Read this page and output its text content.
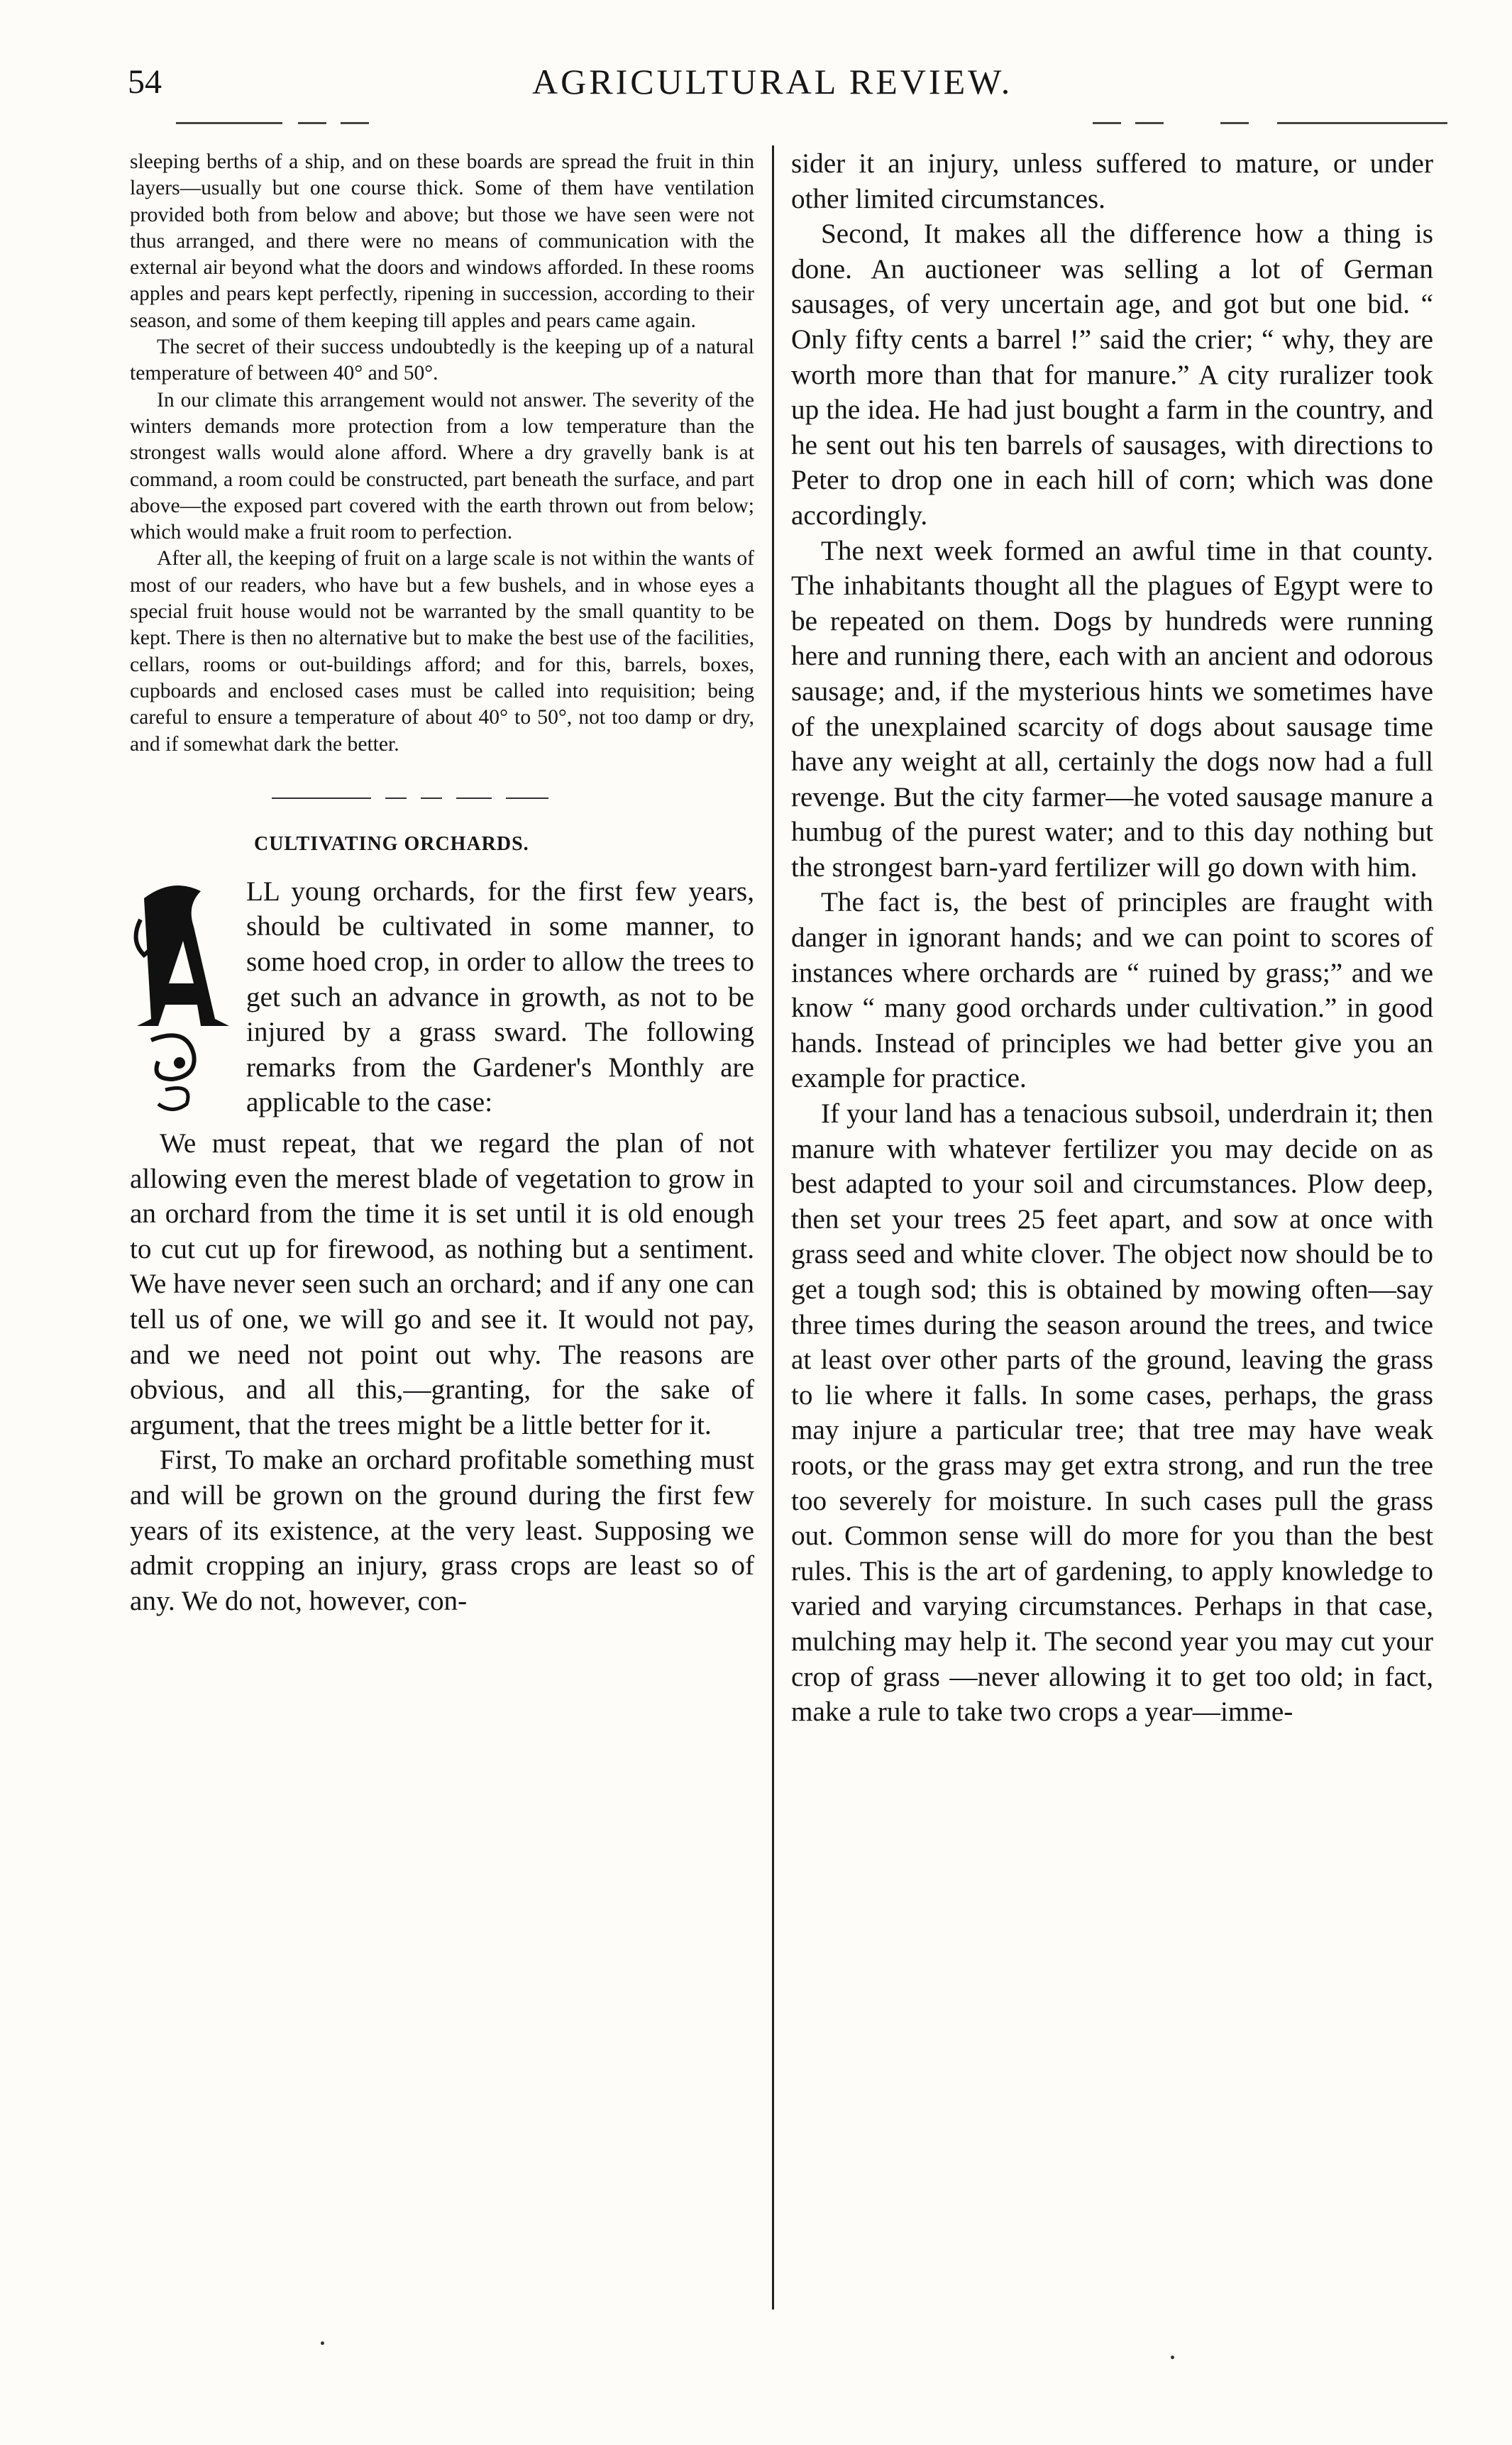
54	AGRICULTURAL REVIEW.

sleeping berths of a ship, and on these boards are spread the fruit in thin layers—usually but one course thick. Some of them have ventilation provided both from below and above; but those we have seen were not thus arranged, and there were no means of communication with the external air beyond what the doors and windows afforded. In these rooms apples and pears kept perfectly, ripening in succession, according to their season, and some of them keeping till apples and pears came again.

The secret of their success undoubtedly is the keeping up of a natural temperature of between 40° and 50°.

In our climate this arrangement would not answer. The severity of the winters demands more protection from a low temperature than the strongest walls would alone afford. Where a dry gravelly bank is at command, a room could be constructed, part beneath the surface, and part above—the exposed part covered with the earth thrown out from below; which would make a fruit room to perfection.

After all, the keeping of fruit on a large scale is not within the wants of most of our readers, who have but a few bushels, and in whose eyes a special fruit house would not be warranted by the small quantity to be kept. There is then no alternative but to make the best use of the facilities, cellars, rooms or out-buildings afford; and for this, barrels, boxes, cupboards and enclosed cases must be called into requisition; being careful to ensure a temperature of about 40° to 50°, not too damp or dry, and if somewhat dark the better.

CULTIVATING ORCHARDS.

LL young orchards, for the first few years, should be cultivated in some manner, to some hoed crop, in order to allow the trees to get such an advance in growth, as not to be injured by a grass sward. The following remarks from the Gardener's Monthly are applicable to the case:

We must repeat, that we regard the plan of not allowing even the merest blade of vegetation to grow in an orchard from the time it is set until it is old enough to cut cut up for firewood, as nothing but a sentiment. We have never seen such an orchard; and if any one can tell us of one, we will go and see it. It would not pay, and we need not point out why. The reasons are obvious, and all this,—granting, for the sake of argument, that the trees might be a little better for it.

First, To make an orchard profitable something must and will be grown on the ground during the first few years of its existence, at the very least. Supposing we admit cropping an injury, grass crops are least so of any. We do not, however, con-

sider it an injury, unless suffered to mature, or under other limited circumstances.

Second, It makes all the difference how a thing is done. An auctioneer was selling a lot of German sausages, of very uncertain age, and got but one bid. “ Only fifty cents a barrel !” said the crier; “ why, they are worth more than that for manure.” A city ruralizer took up the idea. He had just bought a farm in the country, and he sent out his ten barrels of sausages, with directions to Peter to drop one in each hill of corn; which was done accordingly.

The next week formed an awful time in that county. The inhabitants thought all the plagues of Egypt were to be repeated on them. Dogs by hundreds were running here and running there, each with an ancient and odorous sausage; and, if the mysterious hints we sometimes have of the unexplained scarcity of dogs about sausage time have any weight at all, certainly the dogs now had a full revenge. But the city farmer—he voted sausage manure a humbug of the purest water; and to this day nothing but the strongest barn-yard fertilizer will go down with him.

The fact is, the best of principles are fraught with danger in ignorant hands; and we can point to scores of instances where orchards are “ ruined by grass;” and we know “ many good orchards under cultivation.” in good hands. Instead of principles we had better give you an example for practice.

If your land has a tenacious subsoil, underdrain it; then manure with whatever fertilizer you may decide on as best adapted to your soil and circumstances. Plow deep, then set your trees 25 feet apart, and sow at once with grass seed and white clover. The object now should be to get a tough sod; this is obtained by mowing often—say three times during the season around the trees, and twice at least over other parts of the ground, leaving the grass to lie where it falls. In some cases, perhaps, the grass may injure a particular tree; that tree may have weak roots, or the grass may get extra strong, and run the tree too severely for moisture. In such cases pull the grass out. Common sense will do more for you than the best rules. This is the art of gardening, to apply knowledge to varied and varying circumstances. Perhaps in that case, mulching may help it. The second year you may cut your crop of grass —never allowing it to get too old; in fact, make a rule to take two crops a year—imme-
